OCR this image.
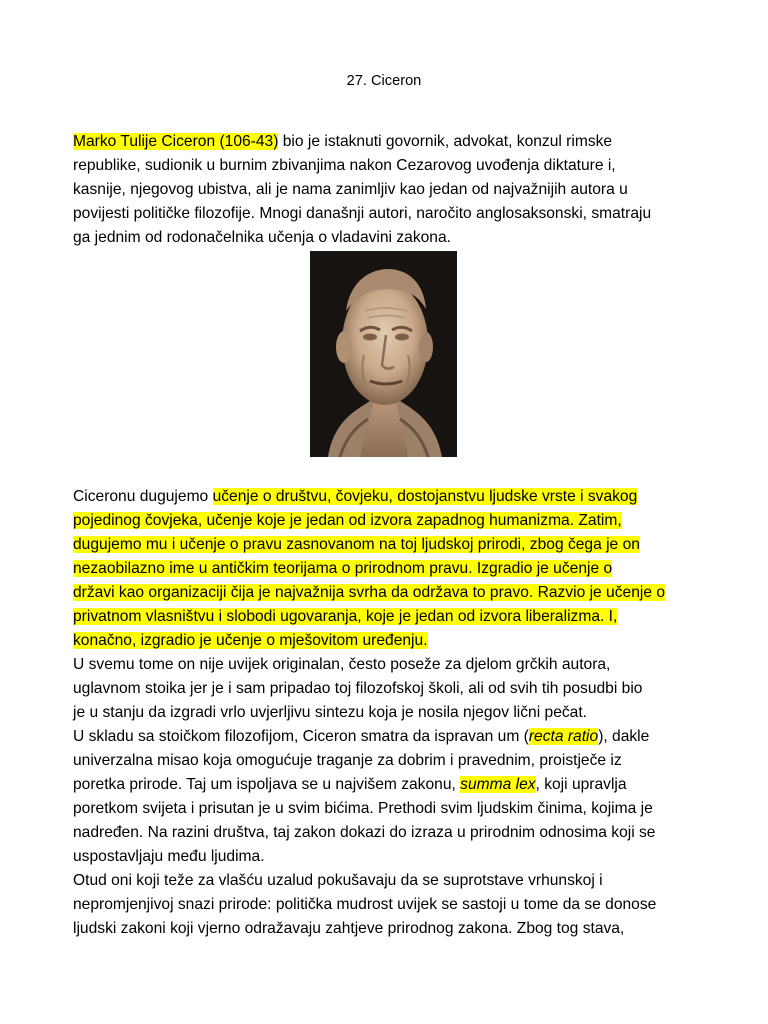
27. Ciceron
Marko Tulije Ciceron (106-43) bio je istaknuti govornik, advokat, konzul rimske
republike, sudionik u burnim zbivanjima nakon Cezarovog uvođenja diktature i,
kasnije, njegovog ubistva, ali je nama zanimljiv kao jedan od najvažnijih autora u
povijesti političke filozofije. Mnogi današnji autori, naročito anglosaksonski, smatraju
ga jednim od rodonačelnika učenja o vladavini zakona.
Ciceronu dugujemo učenje o društvu, čovjeku, dostojanstvu ljudske vrste i svakog
pojedinog čovjeka, učenje koje je jedan od izvora zapadnog humanizma. Zatim,
dugujemo mu i učenje o pravu zasnovanom na toj ljudskoj prirodi, zbog čega je on
nezaobilazno ime u antičkim teorijama o prirodnom pravu. Izgradio je učenje o
državi kao organizaciji čija je najvažnija svrha da održava to pravo. Razvio je učenje o
privatnom vlasništvu i slobodi ugovaranja, koje je jedan od izvora liberalizma. I,
konačno, izgradio je učenje o mješovitom uređenju.
U svemu tome on nije uvijek originalan, često poseže za djelom grčkih autora,
uglavnom stoika jer je i sam pripadao toj filozofskoj školi, ali od svih tih posudbi bio
je u stanju da izgradi vrlo uvjerljivu sintezu koja je nosila njegov lični pečat.
U skladu sa stoičkom filozofijom, Ciceron smatra da ispravan um (recta ratio), dakle
univerzalna misao koja omogućuje traganje za dobrim i pravednim, proistječe iz
poretka prirode. Taj um ispoljava se u najvišem zakonu, summa lex, koji upravlja
poretkom svijeta i prisutan je u svim bićima. Prethodi svim ljudskim činima, kojima je
nadređen. Na razini društva, taj zakon dokazi do izraza u prirodnim odnosima koji se
uspostavljaju među ljudima.
Otud oni koji teže za vlašću uzalud pokušavaju da se suprotstave vrhunskoj i
nepromjenjivoj snazi prirode: politička mudrost uvijek se sastoji u tome da se donose
ljudski zakoni koji vjerno odražavaju zahtjeve prirodnog zakona. Zbog tog stava,
